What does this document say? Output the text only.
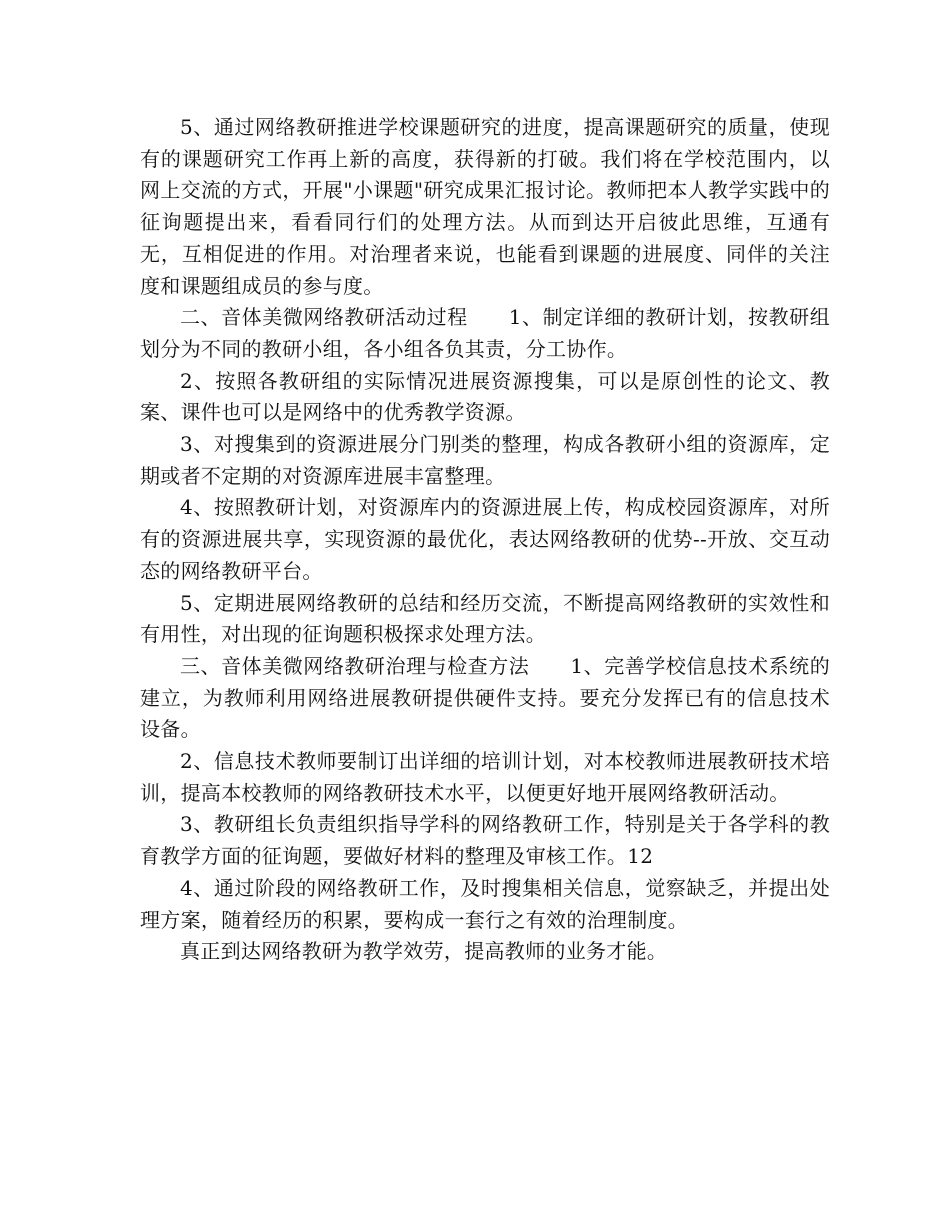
5、通过网络教研推进学校课题研究的进度，提高课题研究的质量，使现有的课题研究工作再上新的高度，获得新的打破。我们将在学校范围内，以网上交流的方式，开展"小课题"研究成果汇报讨论。教师把本人教学实践中的征询题提出来，看看同行们的处理方法。从而到达开启彼此思维，互通有无，互相促进的作用。对治理者来说，也能看到课题的进展度、同伴的关注度和课题组成员的参与度。

二、音体美微网络教研活动过程　　1、制定详细的教研计划，按教研组划分为不同的教研小组，各小组各负其责，分工协作。

2、按照各教研组的实际情况进展资源搜集，可以是原创性的论文、教案、课件也可以是网络中的优秀教学资源。

3、对搜集到的资源进展分门别类的整理，构成各教研小组的资源库，定期或者不定期的对资源库进展丰富整理。

4、按照教研计划，对资源库内的资源进展上传，构成校园资源库，对所有的资源进展共享，实现资源的最优化，表达网络教研的优势--开放、交互动态的网络教研平台。

5、定期进展网络教研的总结和经历交流，不断提高网络教研的实效性和有用性，对出现的征询题积极探求处理方法。

三、音体美微网络教研治理与检查方法　　1、完善学校信息技术系统的建立，为教师利用网络进展教研提供硬件支持。要充分发挥已有的信息技术设备。

2、信息技术教师要制订出详细的培训计划，对本校教师进展教研技术培训，提高本校教师的网络教研技术水平，以便更好地开展网络教研活动。

3、教研组长负责组织指导学科的网络教研工作，特别是关于各学科的教育教学方面的征询题，要做好材料的整理及审核工作。12

4、通过阶段的网络教研工作，及时搜集相关信息，觉察缺乏，并提出处理方案，随着经历的积累，要构成一套行之有效的治理制度。

真正到达网络教研为教学效劳，提高教师的业务才能。
